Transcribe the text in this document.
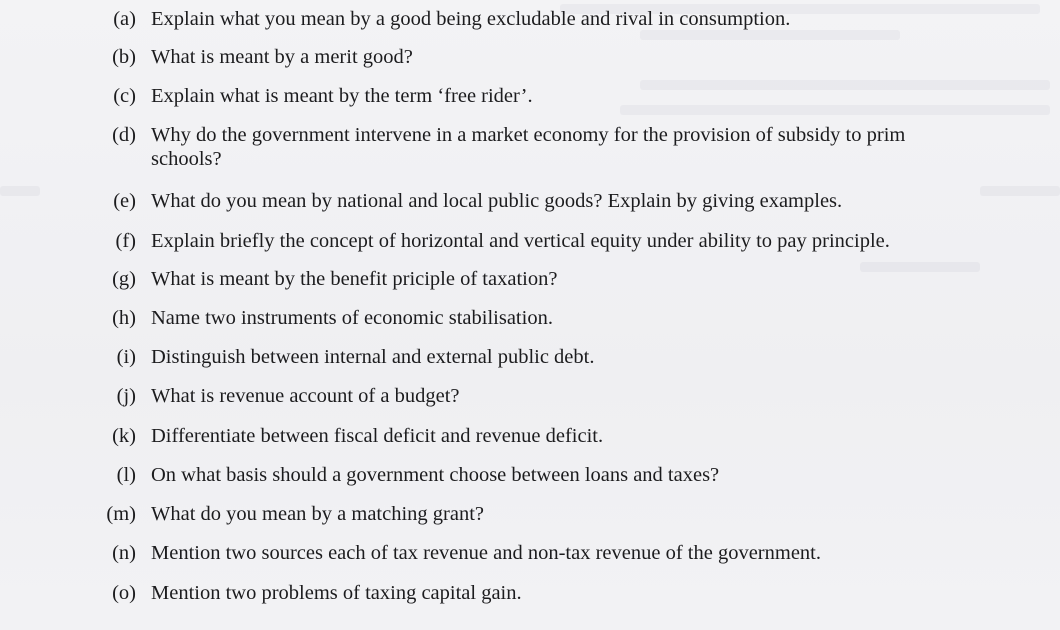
(a) Explain what you mean by a good being excludable and rival in consumption.
(b) What is meant by a merit good?
(c) Explain what is meant by the term ‘free rider’.
(d) Why do the government intervene in a market economy for the provision of subsidy to prim
schools?
(e) What do you mean by national and local public goods? Explain by giving examples.
(f) Explain briefly the concept of horizontal and vertical equity under ability to pay principle.
(g) What is meant by the benefit priciple of taxation?
(h) Name two instruments of economic stabilisation.
(i) Distinguish between internal and external public debt.
(j) What is revenue account of a budget?
(k) Differentiate between fiscal deficit and revenue deficit.
(l) On what basis should a government choose between loans and taxes?
(m) What do you mean by a matching grant?
(n) Mention two sources each of tax revenue and non-tax revenue of the government.
(o) Mention two problems of taxing capital gain.
